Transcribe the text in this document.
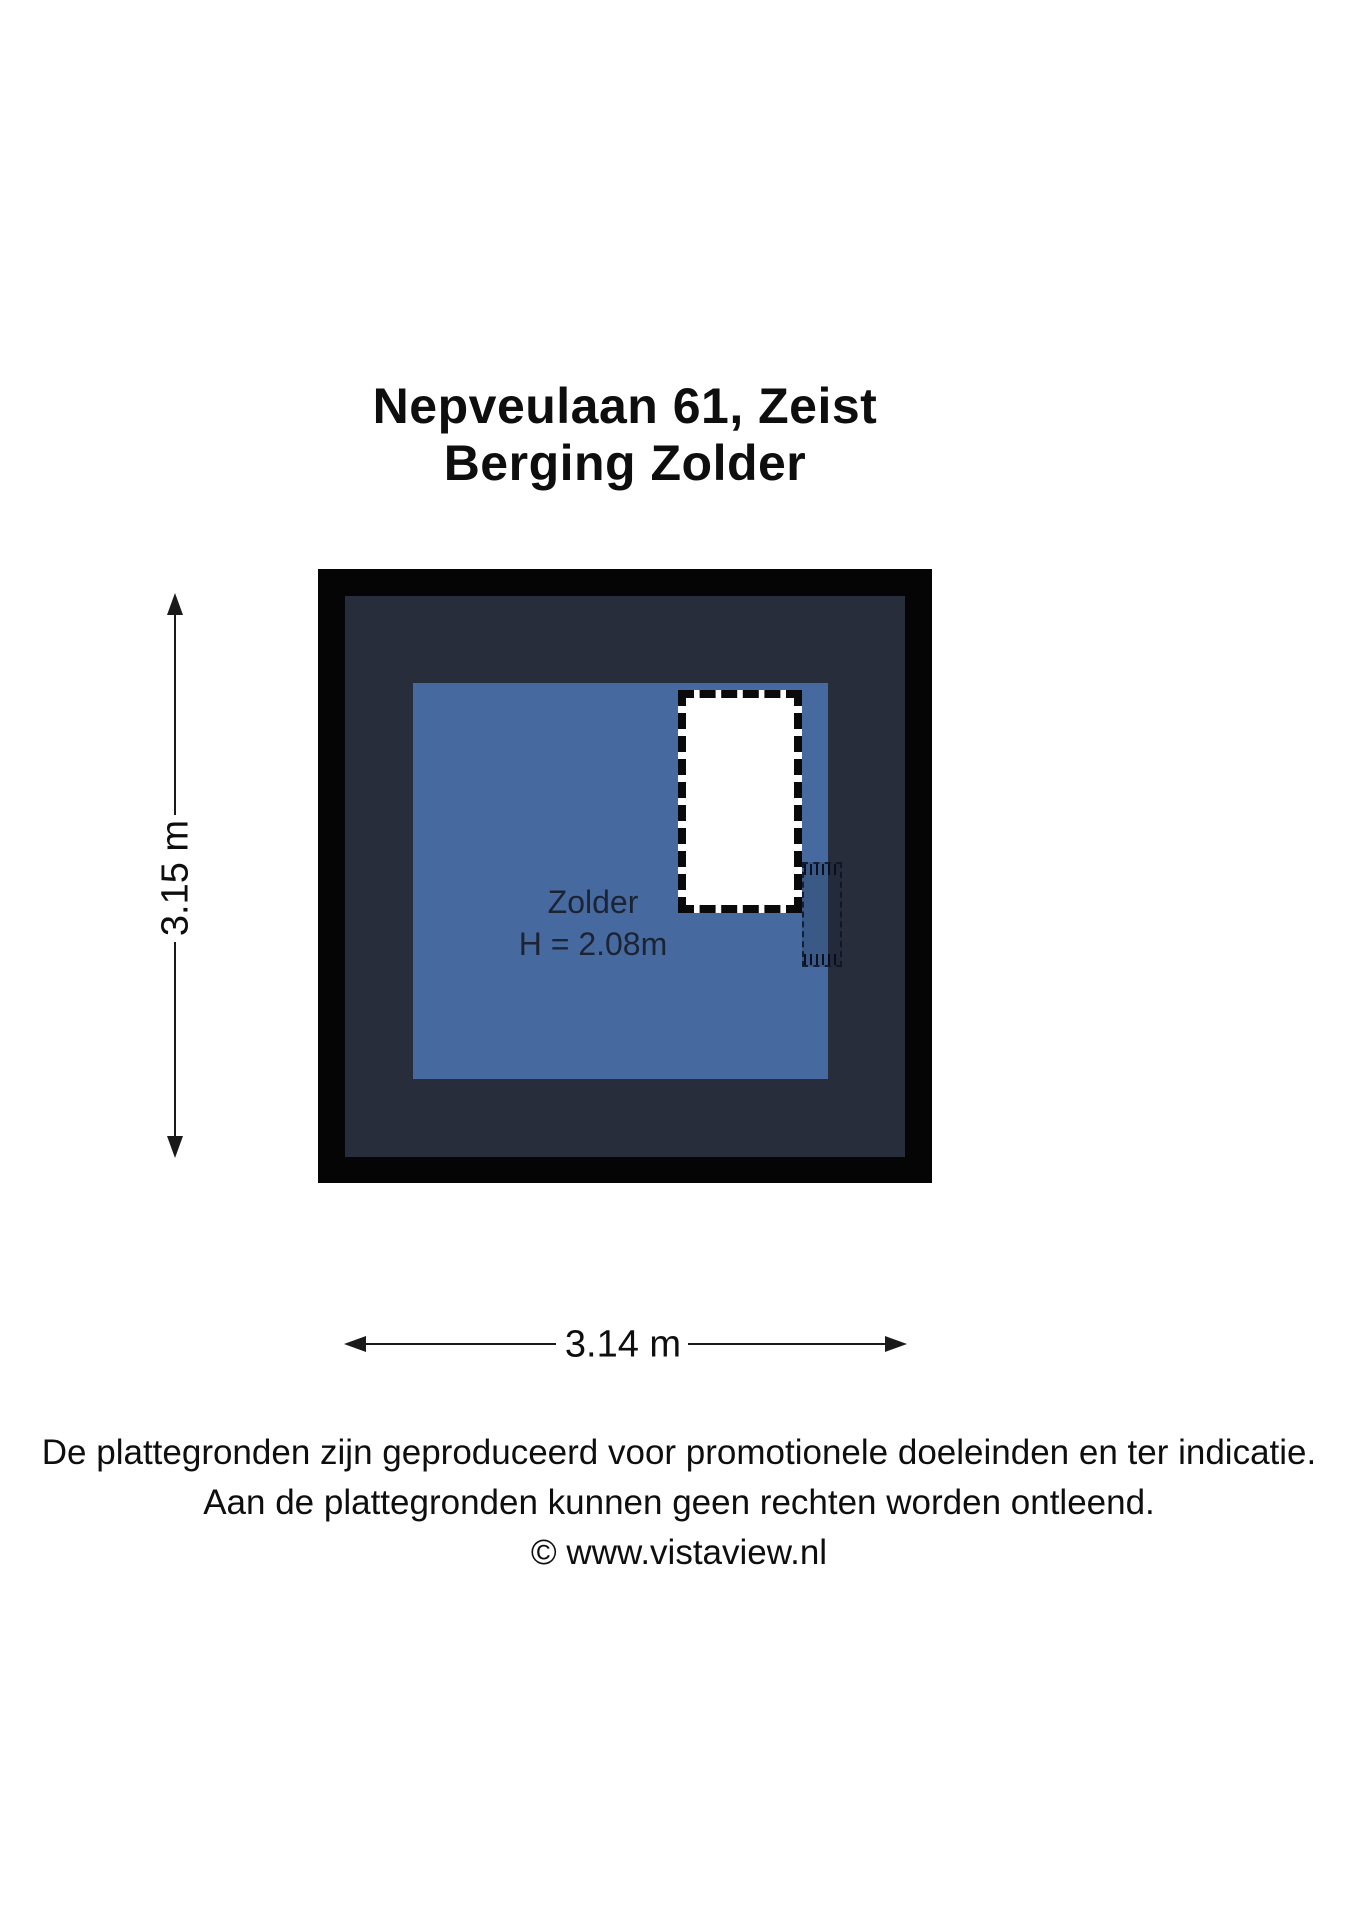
Nepveulaan 61, Zeist
Berging Zolder
Zolder
H = 2.08m
3.15 m
3.14 m
De plattegronden zijn geproduceerd voor promotionele doeleinden en ter indicatie.
Aan de plattegronden kunnen geen rechten worden ontleend.
© www.vistaview.nl
